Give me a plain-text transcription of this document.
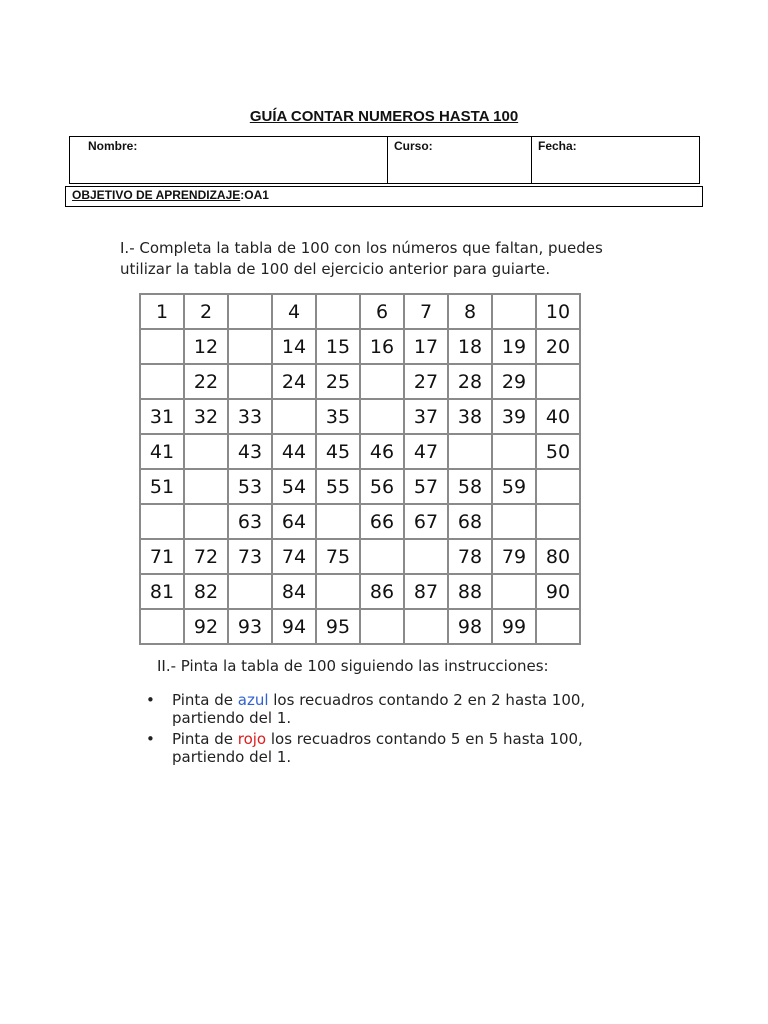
GUÍA CONTAR NUMEROS HASTA 100
Nombre:	Curso:	Fecha:
OBJETIVO DE APRENDIZAJE:OA1
I.- Completa la tabla de 100 con los números que faltan, puedes
utilizar la tabla de 100 del ejercicio anterior para guiarte.
1	2		4		6	7	8		10
	12		14	15	16	17	18	19	20
	22		24	25		27	28	29	
31	32	33		35		37	38	39	40
41		43	44	45	46	47			50
51		53	54	55	56	57	58	59	
		63	64		66	67	68		
71	72	73	74	75			78	79	80
81	82		84		86	87	88		90
	92	93	94	95			98	99	
II.- Pinta la tabla de 100 siguiendo las instrucciones:
• Pinta de azul los recuadros contando 2 en 2 hasta 100,
partiendo del 1.
• Pinta de rojo los recuadros contando 5 en 5 hasta 100,
partiendo del 1.
